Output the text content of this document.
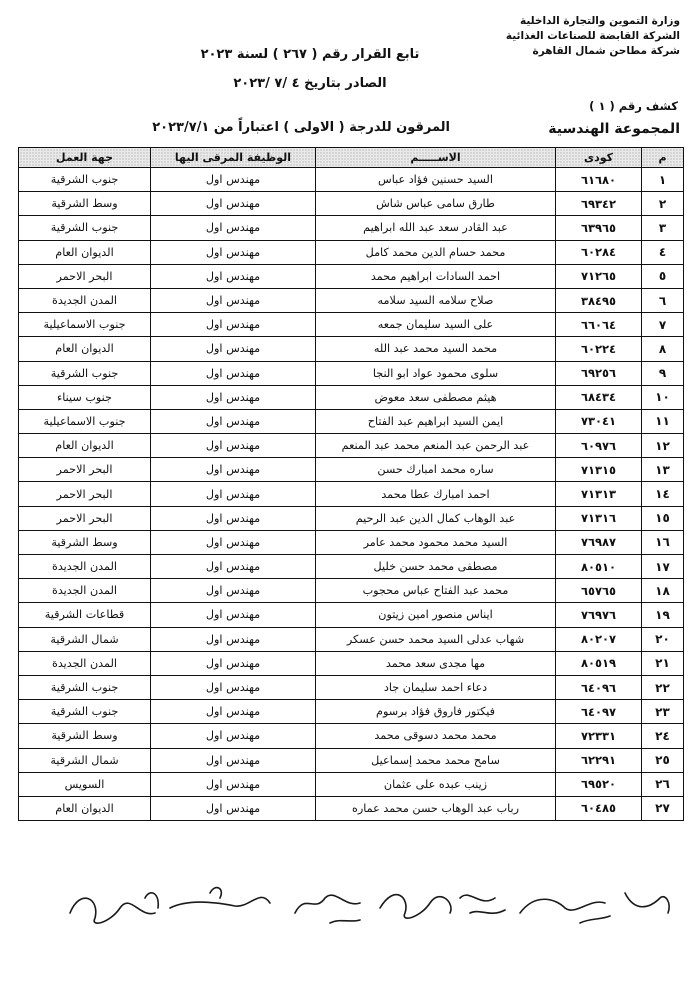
وزارة التموين والتجارة الداخلية
الشركة القابضة للصناعات الغذائية
شركة مطاحن شمال القاهرة
تابع القرار رقم ( ٢٦٧ ) لسنة ٢٠٢٣
الصادر بتاريخ ٤ /٧ /٢٠٢٣
كشف رقم ( ١ )
المجموعة الهندسية
المرقون للدرجة ( الاولى ) اعتباراً من ٢٠٢٣/٧/١
م	كودى	الاســـــم	الوظيفة المرقى اليها	جهة العمل
١	٦١٦٨٠	السيد حسنين فؤاد عباس	مهندس اول	جنوب الشرقية
٢	٦٩٣٤٢	طارق سامى عباس شاش	مهندس اول	وسط الشرقية
٣	٦٣٩٦٥	عبد القادر سعد عبد الله ابراهيم	مهندس اول	جنوب الشرقية
٤	٦٠٢٨٤	محمد حسام الدين محمد كامل	مهندس اول	الديوان العام
٥	٧١٢٦٥	احمد السادات ابراهيم محمد	مهندس اول	البحر الاحمر
٦	٣٨٤٩٥	صلاح سلامه السيد سلامه	مهندس اول	المدن الجديدة
٧	٦٦٠٦٤	على السيد سليمان جمعه	مهندس اول	جنوب الاسماعيلية
٨	٦٠٢٢٤	محمد السيد محمد عبد الله	مهندس اول	الديوان العام
٩	٦٩٢٥٦	سلوى محمود عواد ابو النجا	مهندس اول	جنوب الشرقية
١٠	٦٨٤٣٤	هيثم مصطفى سعد معوض	مهندس اول	جنوب سيناء
١١	٧٣٠٤١	ايمن السيد ابراهيم عبد الفتاح	مهندس اول	جنوب الاسماعيلية
١٢	٦٠٩٧٦	عبد الرحمن عبد المنعم محمد عبد المنعم	مهندس اول	الديوان العام
١٣	٧١٣١٥	ساره محمد امبارك حسن	مهندس اول	البحر الاحمر
١٤	٧١٣١٣	احمد امبارك عطا محمد	مهندس اول	البحر الاحمر
١٥	٧١٣١٦	عبد الوهاب كمال الدين عبد الرحيم	مهندس اول	البحر الاحمر
١٦	٧٦٩٨٧	السيد محمد محمود محمد عامر	مهندس اول	وسط الشرقية
١٧	٨٠٥١٠	مصطفى محمد حسن خليل	مهندس اول	المدن الجديدة
١٨	٦٥٧٦٥	محمد عبد الفتاح عباس محجوب	مهندس اول	المدن الجديدة
١٩	٧٦٩٧٦	ايناس منصور امين زيتون	مهندس اول	قطاعات الشرقية
٢٠	٨٠٢٠٧	شهاب عدلى السيد محمد حسن عسكر	مهندس اول	شمال الشرقية
٢١	٨٠٥١٩	مها مجدى سعد محمد	مهندس اول	المدن الجديدة
٢٢	٦٤٠٩٦	دعاء احمد سليمان جاد	مهندس اول	جنوب الشرقية
٢٣	٦٤٠٩٧	فيكتور فاروق فؤاد برسوم	مهندس اول	جنوب الشرقية
٢٤	٧٢٣٣١	محمد محمد دسوقى محمد	مهندس اول	وسط الشرقية
٢٥	٦٢٢٩١	سامح محمد محمد إسماعيل	مهندس اول	شمال الشرقية
٢٦	٦٩٥٢٠	زينب عبده على عثمان	مهندس اول	السويس
٢٧	٦٠٤٨٥	رباب عبد الوهاب حسن محمد عماره	مهندس اول	الديوان العام
